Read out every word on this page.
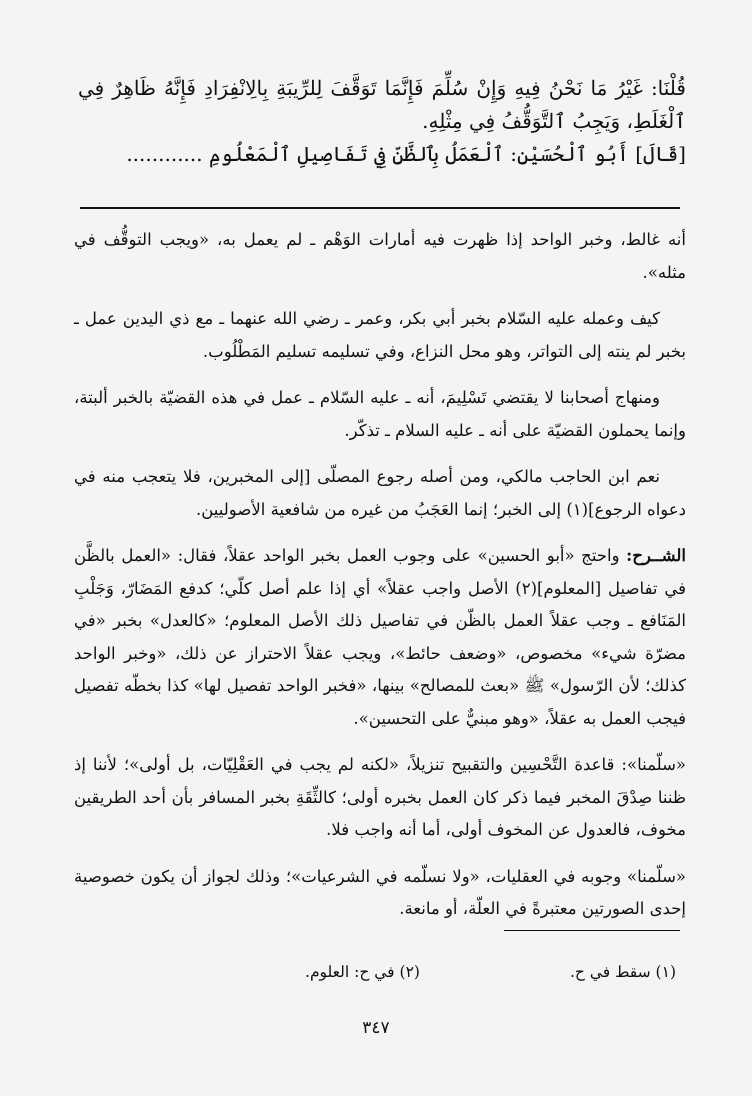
قُلْنَا: غَيْرُ مَا نَحْنُ فِيهِ وَإِنْ سُلِّمَ فَإِنَّمَا تَوَقَّفَ لِلرِّيبَةِ بِالِانْفِرَادِ فَإِنَّهُ ظَاهِرٌ فِي ٱلْغَلَطِ، وَيَجِبُ ٱلتَّوَقُّفُ فِي مِثْلِهِ.

[قَالَ] أَبُو ٱلْحُسَيْنِ: ٱلْعَمَلُ بِٱلظَّنِّ فِي تَفَاصِيلِ ٱلْمَعْلُومِ ............

أنه غالط، وخبر الواحد إذا ظهرت فيه أمارات الوَهْم ـ لم يعمل به، «ويجب التوقُّف في مثله».

كيف وعمله عليه السّلام بخبر أبي بكر، وعمر ـ رضي الله عنهما ـ مع ذي اليدين عمل ـ بخبر لم ينته إلى التواتر، وهو محل النزاع، وفي تسليمه تسليم المَطْلُوب.

ومنهاج أصحابنا لا يقتضي تَسْلِيمَ، أنه ـ عليه السّلام ـ عمل في هذه القضيّة بالخبر ألبتة، وإنما يحملون القضيّة على أنه ـ عليه السلام ـ تذكّر.

نعم ابن الحاجب مالكي، ومن أصله رجوع المصلّى [إلى المخبرين، فلا يتعجب منه في دعواه الرجوع](١) إلى الخبر؛ إنما العَجَبُ من غيره من شافعية الأصوليين.

الشــرح: واحتج «أبو الحسين» على وجوب العمل بخبر الواحد عقلاً، فقال: «العمل بالظَّن في تفاصيل [المعلوم](٢) الأصل واجب عقلاً» أي إذا علم أصل كلّي؛ كدفع المَضَارّ، وَجَلْبِ المَنَافع ـ وجب عقلاً العمل بالظّن في تفاصيل ذلك الأصل المعلوم؛ «كالعدل» بخبر «في مضرّة شيء» مخصوص، «وضعف حائط»، ويجب عقلاً الاحتراز عن ذلك، «وخبر الواحد كذلك؛ لأن الرّسول» ﷺ «بعث للمصالح» بينها، «فخبر الواحد تفصيل لها» كذا بخطّه تفصيل فيجب العمل به عقلاً، «وهو مبنيٌّ على التحسين».

«سلّمنا»: قاعدة التَّحْسِين والتقبيح تنزيلاً، «لكنه لم يجب في العَقْلِيّات، بل أولى»؛ لأننا إذ ظننا صِدْقَ المخبر فيما ذكر كان العمل بخبره أولى؛ كالثِّقَةِ بخبر المسافر بأن أحد الطريقين مخوف، فالعدول عن المخوف أولى، أما أنه واجب فلا.

«سلّمنا» وجوبه في العقليات، «ولا نسلّمه في الشرعيات»؛ وذلك لجواز أن يكون خصوصية إحدى الصورتين معتبرةً في العلّة، أو مانعة.

(١) سقط في ح.
(٢) في ح: العلوم.
٣٤٧
